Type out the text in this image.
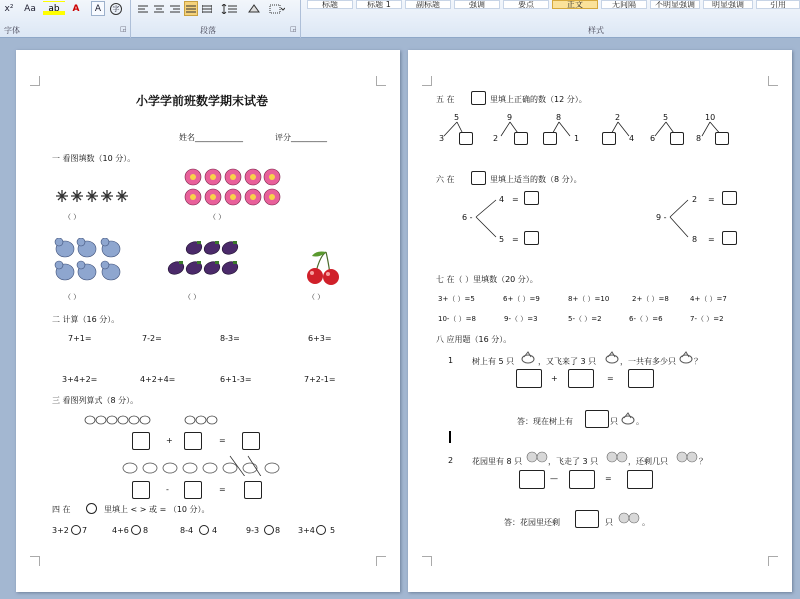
x²	Aa	ab	A	A	字
字体	◲	段落	◲
标题	标题 1	副标题	强调	要点	正文	无间隔	不明显强调	明显强调	引用
样式
小学学前班数学期末试卷
姓名____________	评分_________
一 看图填数（10 分）。
（ ）	（ ）
（ ）	（ ）	（ ）
二 计算（16 分）。
7+1=	7-2=	8-3=	6+3=
3+4+2=	4+2+4=	6+1-3=	7+2-1=
三 看图列算式（8 分）。
+	=
-	=
四 在	里填上 < > 或 = （10 分）。
3+2 7	4+6 8	8-4 4	9-3 8 3+4 5
五 在	里填上正确的数（12 分）。
5
3
9
2
8
1
2
4
5
6
10
8
六 在	里填上适当的数（8 分）。
6 -
4 =
5 =
9 -
2 =
8 =
七 在（ ）里填数（20 分）。
3+（ ）=5	6+（ ）=9	8+（ ）=10	2+（ ）=8	4+（ ）=7
10-（ ）=8	9-（ ）=3	5-（ ）=2	6-（ ）=6	7-（ ）=2
八 应用题（16 分）。
1 树上有 5 只	，又飞来了 3 只	，一共有多少只 ？
+	=
答：现在树上有	只 。
2 花园里有 8 只	，飞走了 3 只	，还剩几只	？
—	=
答：花园里还剩	只	。
